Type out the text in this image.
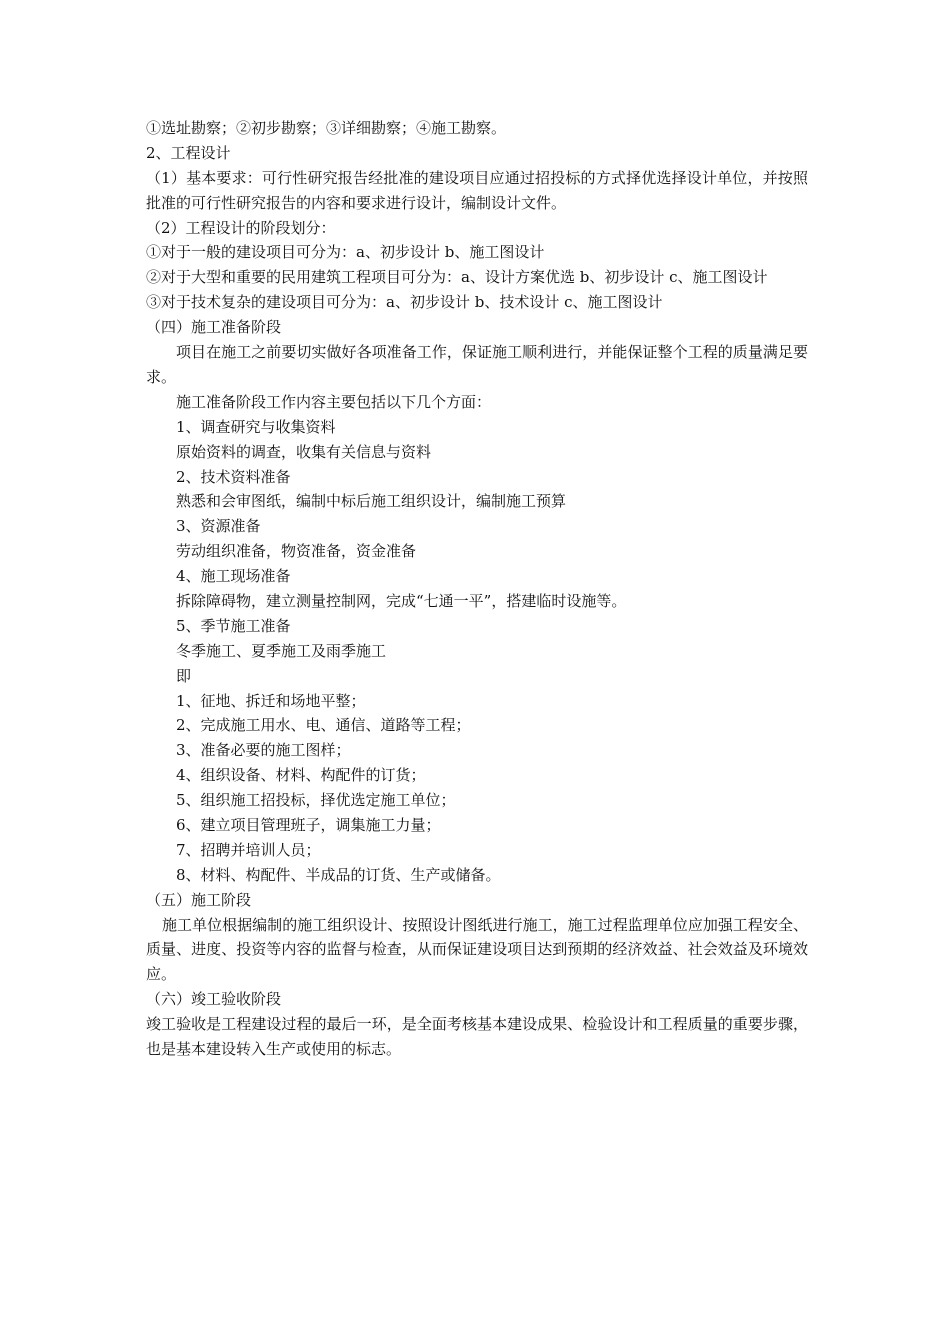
①选址勘察；②初步勘察；③详细勘察；④施工勘察。
2、工程设计
（1）基本要求：可行性研究报告经批准的建设项目应通过招投标的方式择优选择设计单位，并按照批准的可行性研究报告的内容和要求进行设计，编制设计文件。
（2）工程设计的阶段划分：
①对于一般的建设项目可分为：a、初步设计 b、施工图设计
②对于大型和重要的民用建筑工程项目可分为：a、设计方案优选 b、初步设计 c、施工图设计
③对于技术复杂的建设项目可分为：a、初步设计 b、技术设计 c、施工图设计
（四）施工准备阶段
项目在施工之前要切实做好各项准备工作，保证施工顺利进行，并能保证整个工程的质量满足要求。
施工准备阶段工作内容主要包括以下几个方面：
1、调查研究与收集资料
原始资料的调查，收集有关信息与资料
2、技术资料准备
熟悉和会审图纸，编制中标后施工组织设计，编制施工预算
3、资源准备
劳动组织准备，物资准备，资金准备
4、施工现场准备
拆除障碍物，建立测量控制网，完成“七通一平”，搭建临时设施等。
5、季节施工准备
冬季施工、夏季施工及雨季施工
即
1、征地、拆迁和场地平整；
2、完成施工用水、电、通信、道路等工程；
3、准备必要的施工图样；
4、组织设备、材料、构配件的订货；
5、组织施工招投标，择优选定施工单位；
6、建立项目管理班子，调集施工力量；
7、招聘并培训人员；
8、材料、构配件、半成品的订货、生产或储备。
（五）施工阶段
施工单位根据编制的施工组织设计、按照设计图纸进行施工，施工过程监理单位应加强工程安全、质量、进度、投资等内容的监督与检查，从而保证建设项目达到预期的经济效益、社会效益及环境效应。
（六）竣工验收阶段
竣工验收是工程建设过程的最后一环，是全面考核基本建设成果、检验设计和工程质量的重要步骤，也是基本建设转入生产或使用的标志。
